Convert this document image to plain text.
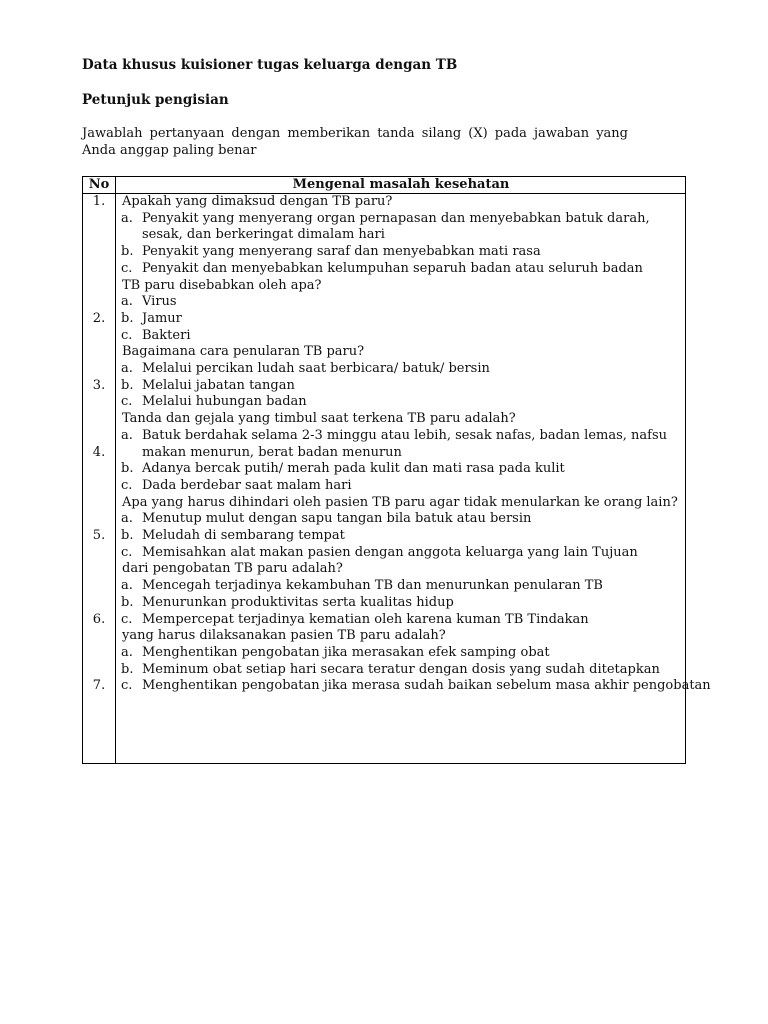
Data khusus kuisioner tugas keluarga dengan TB
Petunjuk pengisian
Jawablah pertanyaan dengan memberikan tanda silang (X) pada jawaban yang Anda anggap paling benar
No	Mengenal masalah kesehatan
Apakah yang dimaksud dengan TB paru?
a. Penyakit yang menyerang organ pernapasan dan menyebabkan batuk darah,
sesak, dan berkeringat dimalam hari
b. Penyakit yang menyerang saraf dan menyebabkan mati rasa
c. Penyakit dan menyebabkan kelumpuhan separuh badan atau seluruh badan
TB paru disebabkan oleh apa?
a. Virus
b. Jamur
c. Bakteri
Bagaimana cara penularan TB paru?
a. Melalui percikan ludah saat berbicara/ batuk/ bersin
b. Melalui jabatan tangan
c. Melalui hubungan badan
Tanda dan gejala yang timbul saat terkena TB paru adalah?
a. Batuk berdahak selama 2-3 minggu atau lebih, sesak nafas, badan lemas, nafsu
makan menurun, berat badan menurun
b. Adanya bercak putih/ merah pada kulit dan mati rasa pada kulit
c. Dada berdebar saat malam hari
Apa yang harus dihindari oleh pasien TB paru agar tidak menularkan ke orang lain?
a. Menutup mulut dengan sapu tangan bila batuk atau bersin
b. Meludah di sembarang tempat
c. Memisahkan alat makan pasien dengan anggota keluarga yang lain Tujuan
dari pengobatan TB paru adalah?
a. Mencegah terjadinya kekambuhan TB dan menurunkan penularan TB
b. Menurunkan produktivitas serta kualitas hidup
c. Mempercepat terjadinya kematian oleh karena kuman TB Tindakan
yang harus dilaksanakan pasien TB paru adalah?
a. Menghentikan pengobatan jika merasakan efek samping obat
b. Meminum obat setiap hari secara teratur dengan dosis yang sudah ditetapkan
c. Menghentikan pengobatan jika merasa sudah baikan sebelum masa akhir pengobatan
1.
2.
3.
4.
5.
6.
7.
